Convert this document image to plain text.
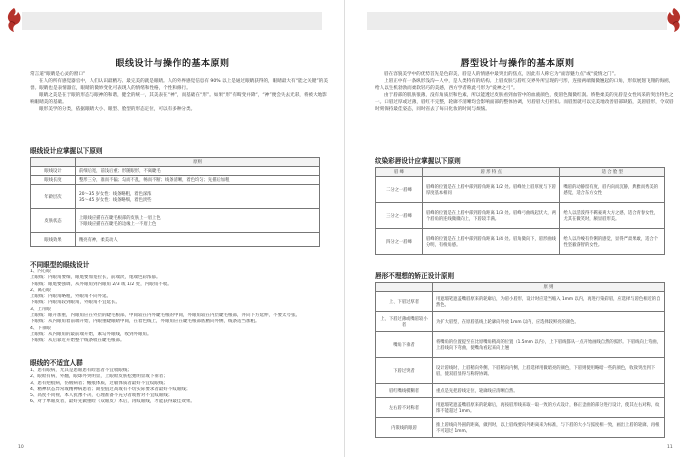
眼线设计与操作的基本原则
常言道“眼睛是心灵的窗口”
在人的所有感觉器官中，人们认识最精巧、最完美的就是眼睛。人的外界感觉信息有 90% 以上是通过眼睛获得的，眼睛最大有“能之关键”的美誉。眼睛也是表情器官，眼睛的微妙变化可表现人的情绪和性格，个性和修行。
眼睛之美是在于眼的形态与眼神的和谐，健全的统一，其美表在“神”，而基础在“形”。如果“形”有畸变并降“，“神”便会失去光彩，将被大地影响眼睛美的基础。
眼形美学的分类，依据眼睛大小、眼型、脸型的形态定位，可以有多种分类。
眼线设计应掌握以下原则
	原则
眼线设计	前细后宽，前浅后重；形随眼形，不离睫毛
眼线长度	整形三分，准而不偏；勾而不乱，畅而不断；线条清晰，着色均匀；先描后加粗
年龄层次	20～35 岁女性：线条略粗，着色深浓
35～45 岁女性：线条略细，着色淡些
皮肤状态	上眼线应描在在睫毛根部的皮肤上一眉上色
下眼线应描在在睫毛的边缘上一不眉上色
眼线效果	精亮有神，柔美动人
不同眼型的眼线设计
1、内心眼
上眼线：内眼角要细，眼尾要加宽拉长，前端淡，尾端色彩浓郁。
下眼线：眼尾要强调，从外眼角到内眼角 2/3 或 1/2 处，内眼角不收。
2、离心眼
上眼线：内眼角略粗，外眼角不向外延。
下眼线：内眼角较到眼角，外眼角不宜延长。
3、上吊眼
上眼线：眼开加重，内眼角应在外层的睫毛根部，中间较在内外睫毛根的中间，外眼角较在内层睫毛根部，并向下方延伸，不要太夸张。
下眼线：从内眼角着前端开始，内眼重睫眼睛中间，在着色线上，外眼角应在睫毛根部底精向外侧，线条适当加粗。
4、下垂眼
上眼线：从内眼角的最前端开始，素勾外眼线，收到外眼角。
下眼线：从后靠近开始整个线条收在睫毛根部。
眼线的不适宜人群
1、患有眼病，尤其是患眼患有睑恶者不宜收眼线；
2、眼睑有病，外翻，眼球外突明显，上眼睑皮肤松弛明显或下垂者；
3、患有疤痕病，伤瘕病者；瘢痕体质，过敏体质者最好不宜纹眼线；
4、精神状态异常或精神病患者；期望值过高或有不切实际要求者最好不纹眼线；
5、高度不同视，本人犹豫不决，心理准备不充分者或暂对不宜纹眼线；
6、对于单眼皮者，最好先做重睑（双眼皮）术后，再纹眼线，才能获得最佳效果。
10
唇型设计与操作的基本原则
唇在容貌美学中的优势首先是色彩美，唇是人的情感中最突出的焦点，因此有人称它为“面容魅力点”或“爱情之门”。
上唇正中有一条纵形浅沟—人中，是人类特有的结构。上唇皮肤与唇红交界外所呈现的弓形，连接两端微微翘起的口角，形似展翅飞翔的海鸥，给人以生机勃勃而柔软轻巧的美感，西方学者称此弓形为“爱神之弓”。
由于唇部的肌肤很薄，没有角质层和色素，所以能透过皮肤看到血管中的血液颜色，使唇色微微红润。娇艳柔美的先唇是女性风采的突出特色之一。口唇过厚或过薄，唇红不完整，轮廓不清晰均会影响面部的整体协调，另唇唇大打折扣。而唇黑就可以完美地改善唇部缺陷，美唇唇形，令双唇时刻保持最佳姿态，同时省去了每日化妆的时间与烦恼。
纹染彩唇设计应掌握以下原则
唇 峰	唇 形 特 点	适 合 脸 型
二分之一唇峰	唇峰的位置是在上唇中部到唇角距离 1/2 处。唇峰处上唇厚度与下唇厚度基本相同	嘴唇的动静留有度，唇内向而沉静，典雅而秀美的感觉，适合东方女性
三分之一唇峰	唇峰的位置是在上唇中部到唇角距离 1/3 处。唇峰弓曲线起伏大，两个唇角的连线微微向上，下唇较丰满。	给人以活泼得不羁豪爽大方之感，适合青春女性，尤其在微笑时，颇显唇形美。
四分之一唇峰	唇峰的位置是在上唇中部到唇角距离 1/4 处。唇角微向下，唇形曲线分明，有棱角感。	给人以冷峻有伶俐的感觉，显得严肃果敢，适合个性坚毅睿智的女性。
唇形不理想的矫正设计原则
	原 则
上、下唇过厚者	用遮瑕笔遮盖嘴唇原来的轮廓后，为唇小唇形，设计时应适当缩入 1mm 以内，再进行染彩唇，应选择与唇色相近的自然色。
上、下唇过薄或嘴唇较小者	为扩大唇型，在原唇基线上轮廓向外放 1mm 以内，应选择较鲜亮的颜色。
嘴角下垂者	将嘴角的位置提至在比原嘴角稍高的位置（1.5mm 以内），上下唇线都从一点开始画线自然的弧形。下唇线向上弯曲，上唇线向下弯曲，使嘴角看起来向上翘
下唇过突者	设计唇线时，上唇稍向外侧，下唇稍向内侧，上唇选择用微暗亮的颜色，下唇则使用略暗一些的颜色，收敛突出到下唇，使双唇显得与称得协调。
唇红嘴线模糊者	重点是先把唇线定位，轮廓线应清晰自然。
左右唇不对称者	用遮瑕笔遮盖嘴唇原来的轮廓后，再按唇形线来取一取一致的方式设计，修正歪曲的部分进行设计，使其左右对称，纹饰不能超过 1mm。
内嵌线的眼唇	推上唇线向外圆的距离，做到时，以上唇线要向外距离来为标准，与下唇的大小与弧度相一致，画出上唇的轮廓，再根不可超过 1mm。
11
